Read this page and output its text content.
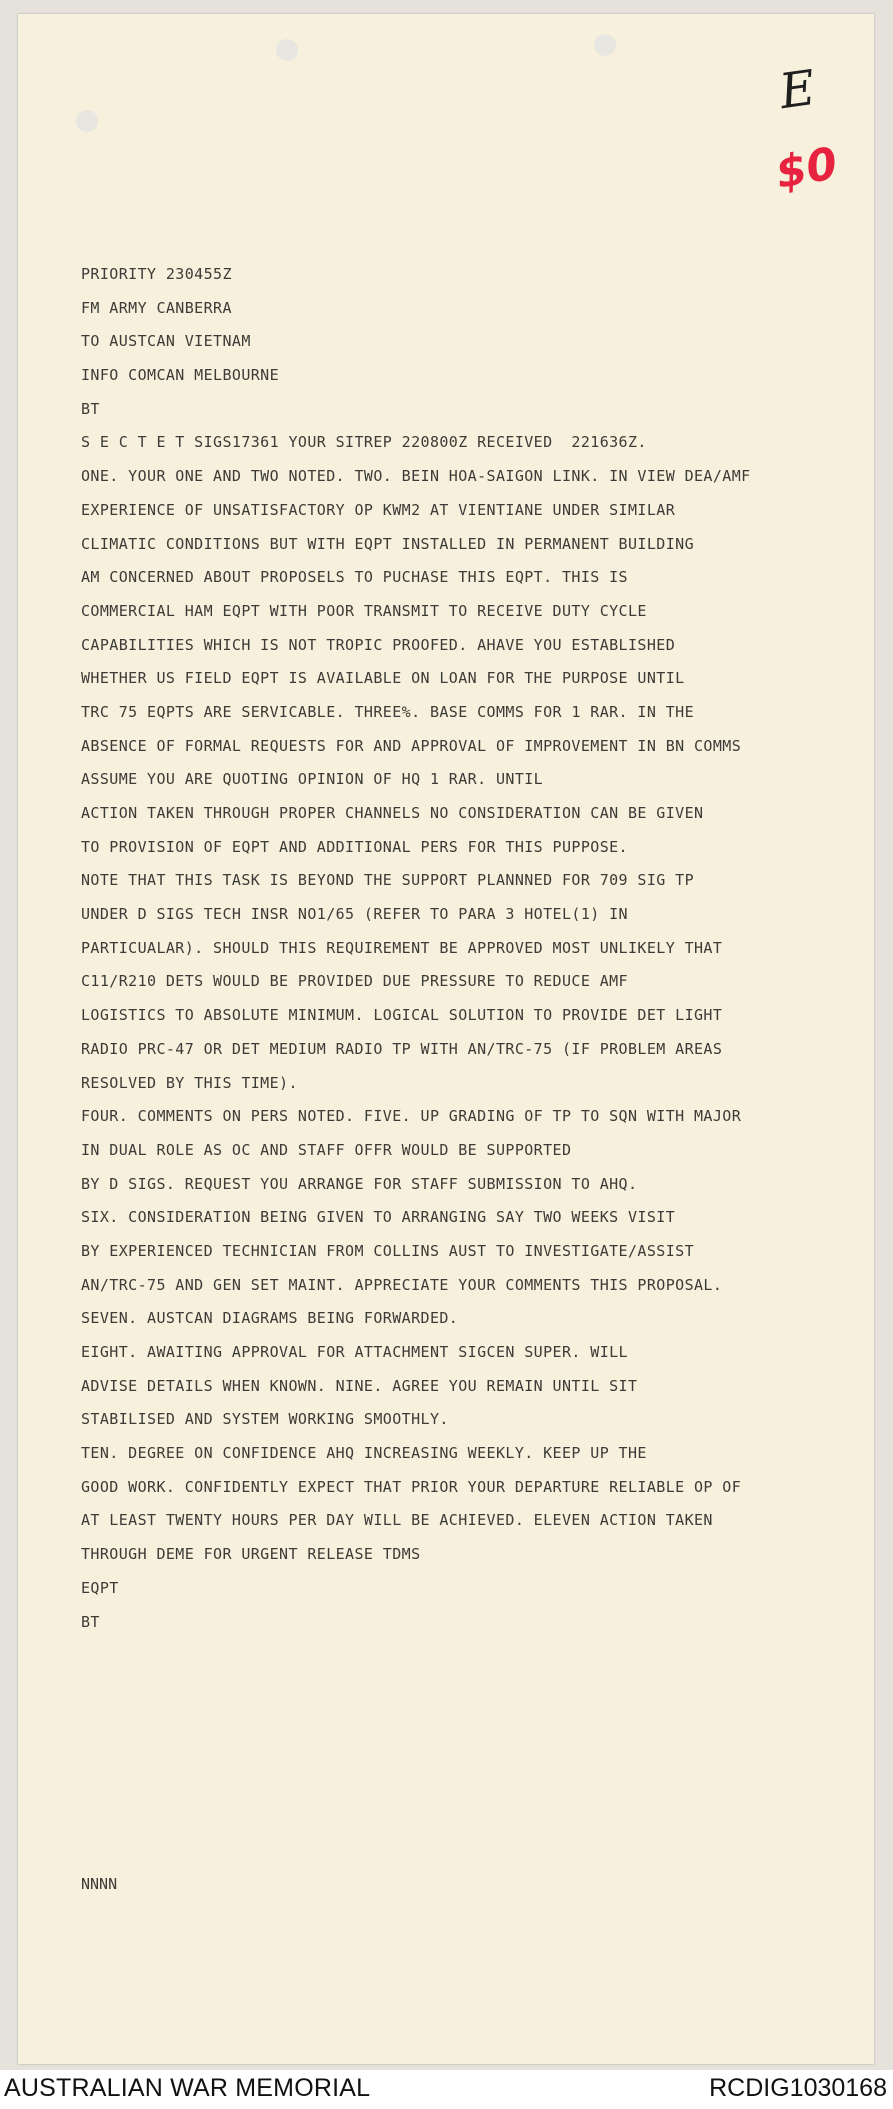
E
$0
PRIORITY 230455Z
FM ARMY CANBERRA
TO AUSTCAN VIETNAM
INFO COMCAN MELBOURNE
BT
S E C T E T SIGS17361 YOUR SITREP 220800Z RECEIVED  221636Z.
ONE. YOUR ONE AND TWO NOTED. TWO. BEIN HOA-SAIGON LINK. IN VIEW DEA/AMF
EXPERIENCE OF UNSATISFACTORY OP KWM2 AT VIENTIANE UNDER SIMILAR
CLIMATIC CONDITIONS BUT WITH EQPT INSTALLED IN PERMANENT BUILDING
AM CONCERNED ABOUT PROPOSELS TO PUCHASE THIS EQPT. THIS IS
COMMERCIAL HAM EQPT WITH POOR TRANSMIT TO RECEIVE DUTY CYCLE
CAPABILITIES WHICH IS NOT TROPIC PROOFED. AHAVE YOU ESTABLISHED
WHETHER US FIELD EQPT IS AVAILABLE ON LOAN FOR THE PURPOSE UNTIL
TRC 75 EQPTS ARE SERVICABLE. THREE%. BASE COMMS FOR 1 RAR. IN THE
ABSENCE OF FORMAL REQUESTS FOR AND APPROVAL OF IMPROVEMENT IN BN COMMS
ASSUME YOU ARE QUOTING OPINION OF HQ 1 RAR. UNTIL
ACTION TAKEN THROUGH PROPER CHANNELS NO CONSIDERATION CAN BE GIVEN
TO PROVISION OF EQPT AND ADDITIONAL PERS FOR THIS PUPPOSE.
NOTE THAT THIS TASK IS BEYOND THE SUPPORT PLANNNED FOR 709 SIG TP
UNDER D SIGS TECH INSR NO1/65 (REFER TO PARA 3 HOTEL(1) IN
PARTICUALAR). SHOULD THIS REQUIREMENT BE APPROVED MOST UNLIKELY THAT
C11/R210 DETS WOULD BE PROVIDED DUE PRESSURE TO REDUCE AMF
LOGISTICS TO ABSOLUTE MINIMUM. LOGICAL SOLUTION TO PROVIDE DET LIGHT
RADIO PRC-47 OR DET MEDIUM RADIO TP WITH AN/TRC-75 (IF PROBLEM AREAS
RESOLVED BY THIS TIME).
FOUR. COMMENTS ON PERS NOTED. FIVE. UP GRADING OF TP TO SQN WITH MAJOR
IN DUAL ROLE AS OC AND STAFF OFFR WOULD BE SUPPORTED
BY D SIGS. REQUEST YOU ARRANGE FOR STAFF SUBMISSION TO AHQ.
SIX. CONSIDERATION BEING GIVEN TO ARRANGING SAY TWO WEEKS VISIT
BY EXPERIENCED TECHNICIAN FROM COLLINS AUST TO INVESTIGATE/ASSIST
AN/TRC-75 AND GEN SET MAINT. APPRECIATE YOUR COMMENTS THIS PROPOSAL.
SEVEN. AUSTCAN DIAGRAMS BEING FORWARDED.
EIGHT. AWAITING APPROVAL FOR ATTACHMENT SIGCEN SUPER. WILL
ADVISE DETAILS WHEN KNOWN. NINE. AGREE YOU REMAIN UNTIL SIT
STABILISED AND SYSTEM WORKING SMOOTHLY.
TEN. DEGREE ON CONFIDENCE AHQ INCREASING WEEKLY. KEEP UP THE
GOOD WORK. CONFIDENTLY EXPECT THAT PRIOR YOUR DEPARTURE RELIABLE OP OF
AT LEAST TWENTY HOURS PER DAY WILL BE ACHIEVED. ELEVEN ACTION TAKEN
THROUGH DEME FOR URGENT RELEASE TDMS
EQPT
BT
NNNN
AUSTRALIAN WAR MEMORIAL	RCDIG1030168
